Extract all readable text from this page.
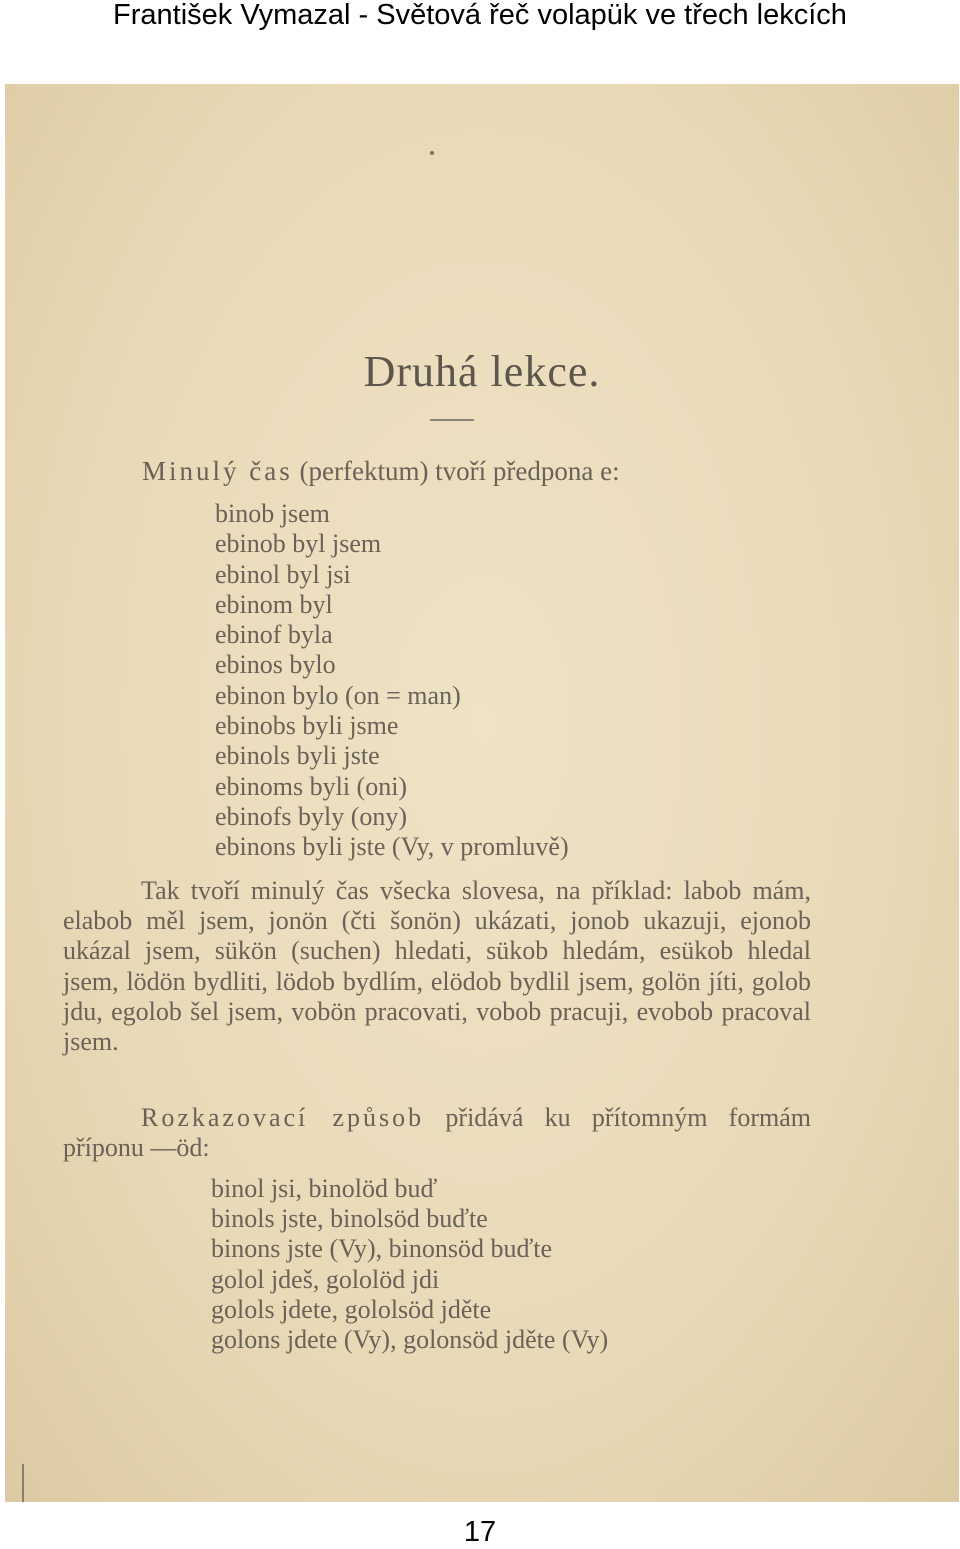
František Vymazal - Světová řeč volapük ve třech lekcích
Druhá lekce.

Minulý čas (perfektum) tvoří předpona e:

binob jsem
ebinob byl jsem
ebinol byl jsi
ebinom byl
ebinof byla
ebinos bylo
ebinon bylo (on = man)
ebinobs byli jsme
ebinols byli jste
ebinoms byli (oni)
ebinofs byly (ony)
ebinons byli jste (Vy, v promluvě)

Tak tvoří minulý čas všecka slovesa, na příklad: labob mám, elabob měl jsem, jonön (čti šonön) ukázati, jonob ukazuji, ejonob ukázal jsem, sükön (suchen) hledati, sükob hledám, esükob hledal jsem, lödön bydliti, lödob bydlím, elödob bydlil jsem, golön jíti, golob jdu, egolob šel jsem, vobön pracovati, vobob pracuji, evobob pracoval jsem.

Rozkazovací způsob přidává ku přítomným formám příponu —öd:

binol jsi, binolöd buď
binols jste, binolsöd buďte
binons jste (Vy), binonsöd buďte
golol jdeš, gololöd jdi
golols jdete, gololsöd jděte
golons jdete (Vy), golonsöd jděte (Vy)
17
